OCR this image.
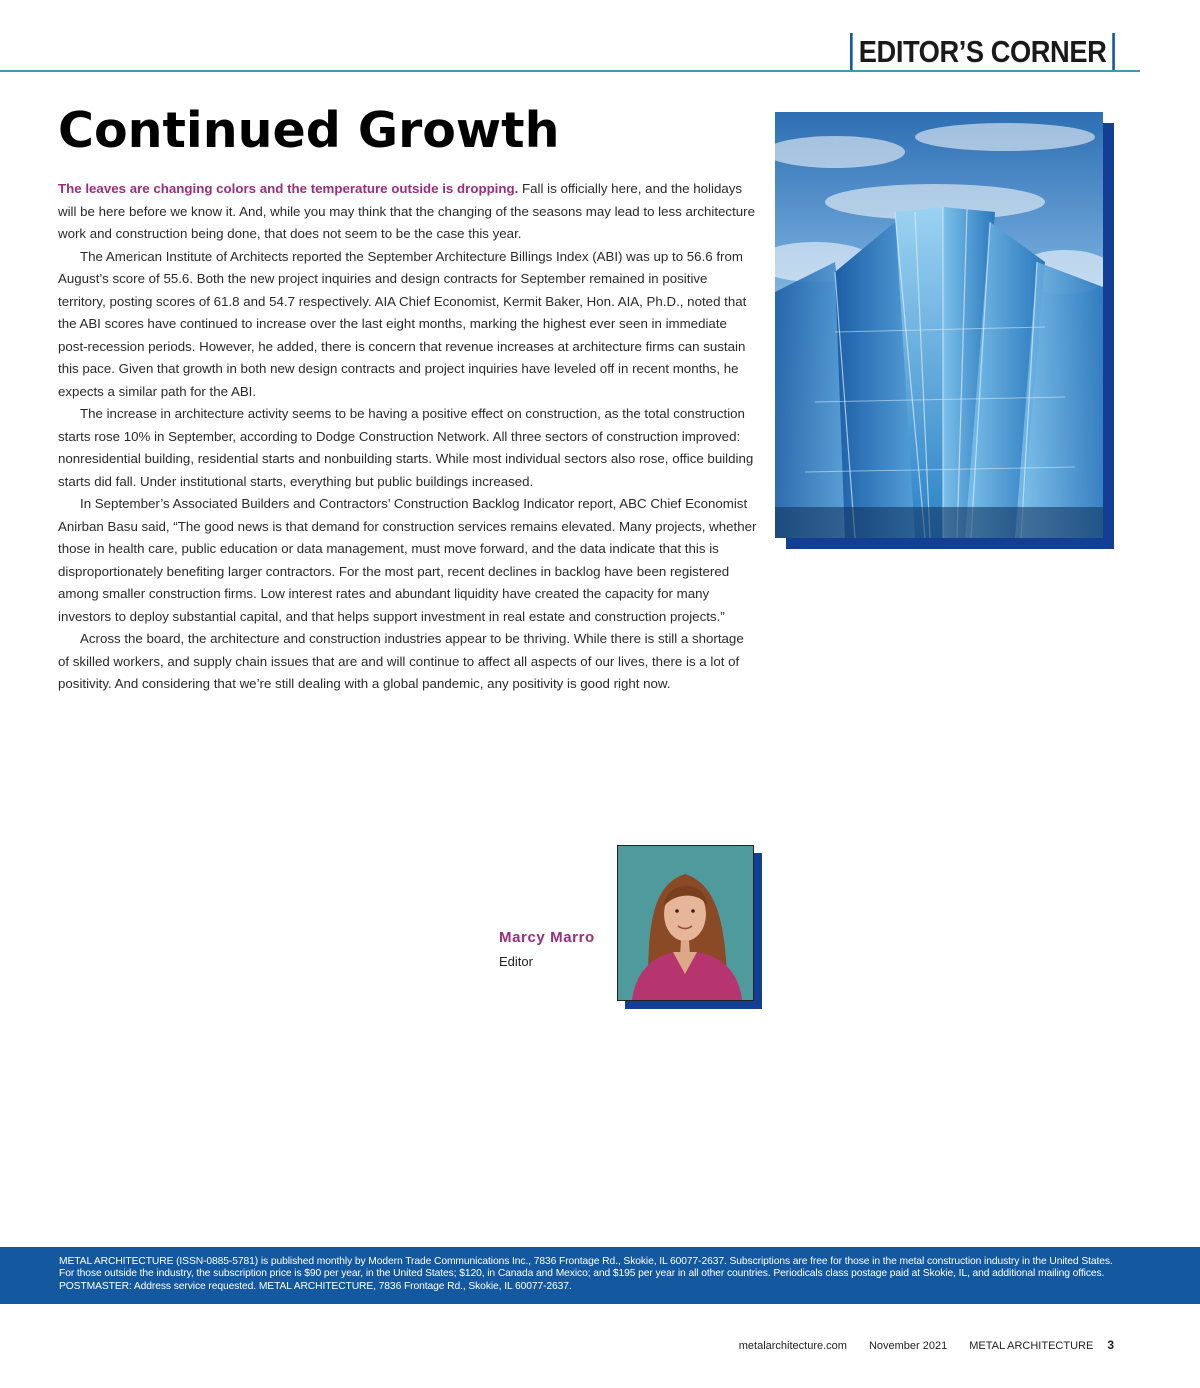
EDITOR’S CORNER
Continued Growth

The leaves are changing colors and the temperature outside is dropping. Fall is officially here, and the holidays will be here before we know it. And, while you may think that the changing of the seasons may lead to less architecture work and construction being done, that does not seem to be the case this year.

The American Institute of Architects reported the September Architecture Billings Index (ABI) was up to 56.6 from August’s score of 55.6. Both the new project inquiries and design contracts for September remained in positive territory, posting scores of 61.8 and 54.7 respectively. AIA Chief Economist, Kermit Baker, Hon. AIA, Ph.D., noted that the ABI scores have continued to increase over the last eight months, marking the highest ever seen in immediate post-recession periods. However, he added, there is concern that revenue increases at architecture firms can sustain this pace. Given that growth in both new design contracts and project inquiries have leveled off in recent months, he expects a similar path for the ABI.

The increase in architecture activity seems to be having a positive effect on construction, as the total construction starts rose 10% in September, according to Dodge Construction Network. All three sectors of construction improved: nonresidential building, residential starts and nonbuilding starts. While most individual sectors also rose, office building starts did fall. Under institutional starts, everything but public buildings increased.

In September’s Associated Builders and Contractors’ Construction Backlog Indicator report, ABC Chief Economist Anirban Basu said, “The good news is that demand for construction services remains elevated. Many projects, whether those in health care, public education or data management, must move forward, and the data indicate that this is disproportionately benefiting larger contractors. For the most part, recent declines in backlog have been registered among smaller construction firms. Low interest rates and abundant liquidity have created the capacity for many investors to deploy substantial capital, and that helps support investment in real estate and construction projects.”

Across the board, the architecture and construction industries appear to be thriving. While there is still a shortage of skilled workers, and supply chain issues that are and will continue to affect all aspects of our lives, there is a lot of positivity. And considering that we’re still dealing with a global pandemic, any positivity is good right now.

Marcy Marro
Editor
METAL ARCHITECTURE (ISSN-0885-5781) is published monthly by Modern Trade Communications Inc., 7836 Frontage Rd., Skokie, IL 60077-2637. Subscriptions are free for those in the metal construction industry in the United States. For those outside the industry, the subscription price is $90 per year, in the United States; $120, in Canada and Mexico; and $195 per year in all other countries. Periodicals class postage paid at Skokie, IL, and additional mailing offices. POSTMASTER: Address service requested. METAL ARCHITECTURE, 7836 Frontage Rd., Skokie, IL 60077-2637.
metalarchitecture.com November 2021 METAL ARCHITECTURE 3
